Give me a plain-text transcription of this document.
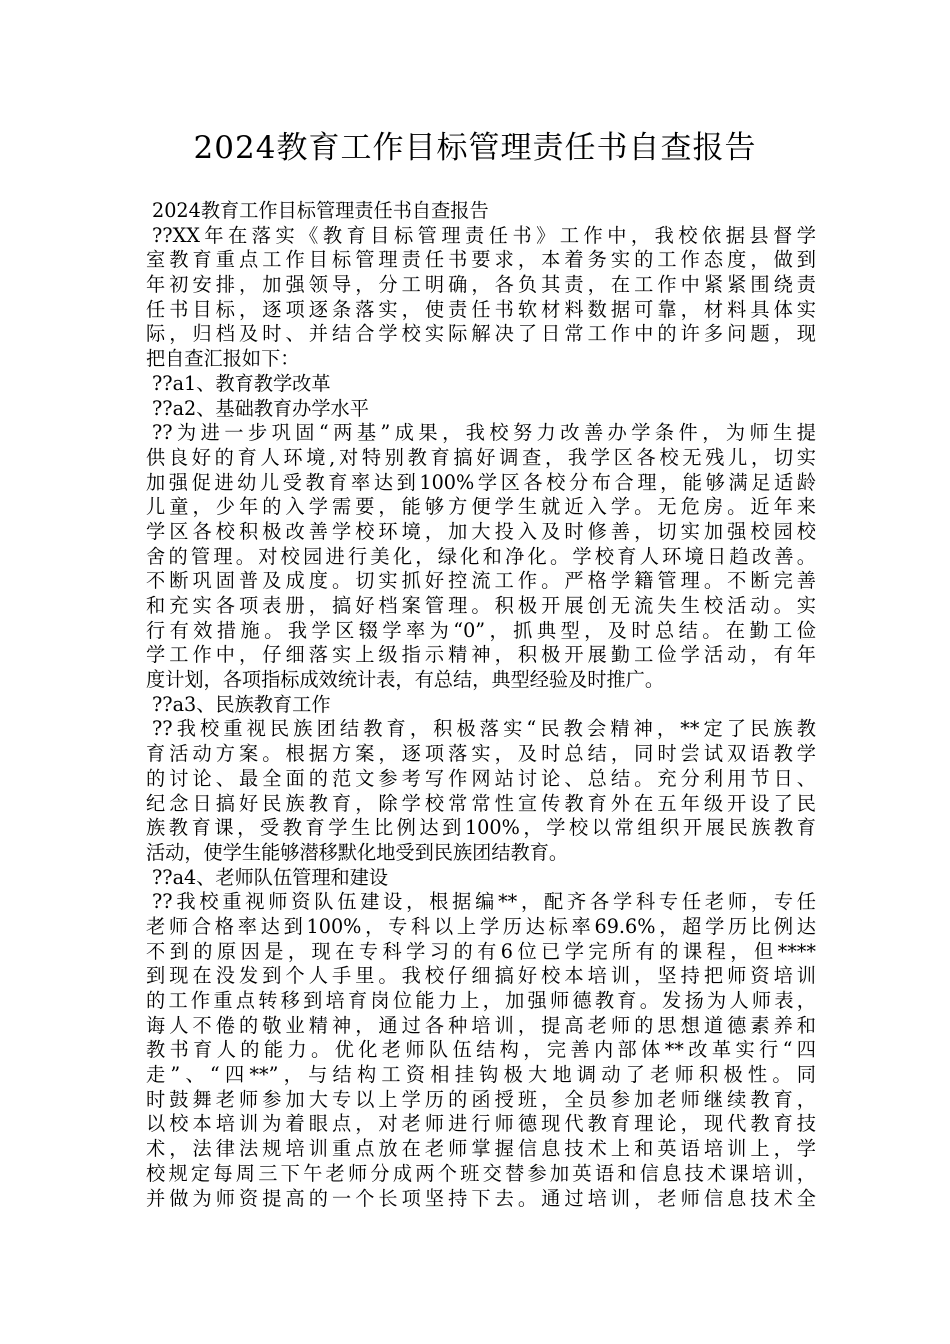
2024教育工作目标管理责任书自查报告
2024教育工作目标管理责任书自查报告
??XX年在落实《教育目标管理责任书》工作中，我校依据县督学
室教育重点工作目标管理责任书要求，本着务实的工作态度，做到
年初安排，加强领导，分工明确，各负其责，在工作中紧紧围绕责
任书目标，逐项逐条落实，使责任书软材料数据可靠，材料具体实
际，归档及时、并结合学校实际解决了日常工作中的许多问题，现
把自查汇报如下：
??a1、教育教学改革
??a2、基础教育办学水平
??为进一步巩固“两基”成果，我校努力改善办学条件，为师生提
供良好的育人环境,对特别教育搞好调查，我学区各校无残儿，切实
加强促进幼儿受教育率达到100%学区各校分布合理，能够满足适龄
儿童，少年的入学需要，能够方便学生就近入学。无危房。近年来
学区各校积极改善学校环境，加大投入及时修善，切实加强校园校
舍的管理。对校园进行美化，绿化和净化。学校育人环境日趋改善。
不断巩固普及成度。切实抓好控流工作。严格学籍管理。不断完善
和充实各项表册，搞好档案管理。积极开展创无流失生校活动。实
行有效措施。我学区辍学率为“0”，抓典型，及时总结。在勤工俭
学工作中，仔细落实上级指示精神，积极开展勤工俭学活动，有年
度计划，各项指标成效统计表，有总结，典型经验及时推广。
??a3、民族教育工作
??我校重视民族团结教育，积极落实“民教会精神，**定了民族教
育活动方案。根据方案，逐项落实，及时总结，同时尝试双语教学
的讨论、最全面的范文参考写作网站讨论、总结。充分利用节日、
纪念日搞好民族教育，除学校常常性宣传教育外在五年级开设了民
族教育课，受教育学生比例达到100%，学校以常组织开展民族教育
活动，使学生能够潜移默化地受到民族团结教育。
??a4、老师队伍管理和建设
??我校重视师资队伍建设，根据编**，配齐各学科专任老师，专任
老师合格率达到100%，专科以上学历达标率69.6%，超学历比例达
不到的原因是，现在专科学习的有6位已学完所有的课程，但****
到现在没发到个人手里。我校仔细搞好校本培训，坚持把师资培训
的工作重点转移到培育岗位能力上，加强师德教育。发扬为人师表，
诲人不倦的敬业精神，通过各种培训，提高老师的思想道德素养和
教书育人的能力。优化老师队伍结构，完善内部体**改革实行“四
走”、“四**”，与结构工资相挂钩极大地调动了老师积极性。同
时鼓舞老师参加大专以上学历的函授班，全员参加老师继续教育，
以校本培训为着眼点，对老师进行师德现代教育理论，现代教育技
术，法律法规培训重点放在老师掌握信息技术上和英语培训上，学
校规定每周三下午老师分成两个班交替参加英语和信息技术课培训，
并做为师资提高的一个长项坚持下去。通过培训，老师信息技术全
